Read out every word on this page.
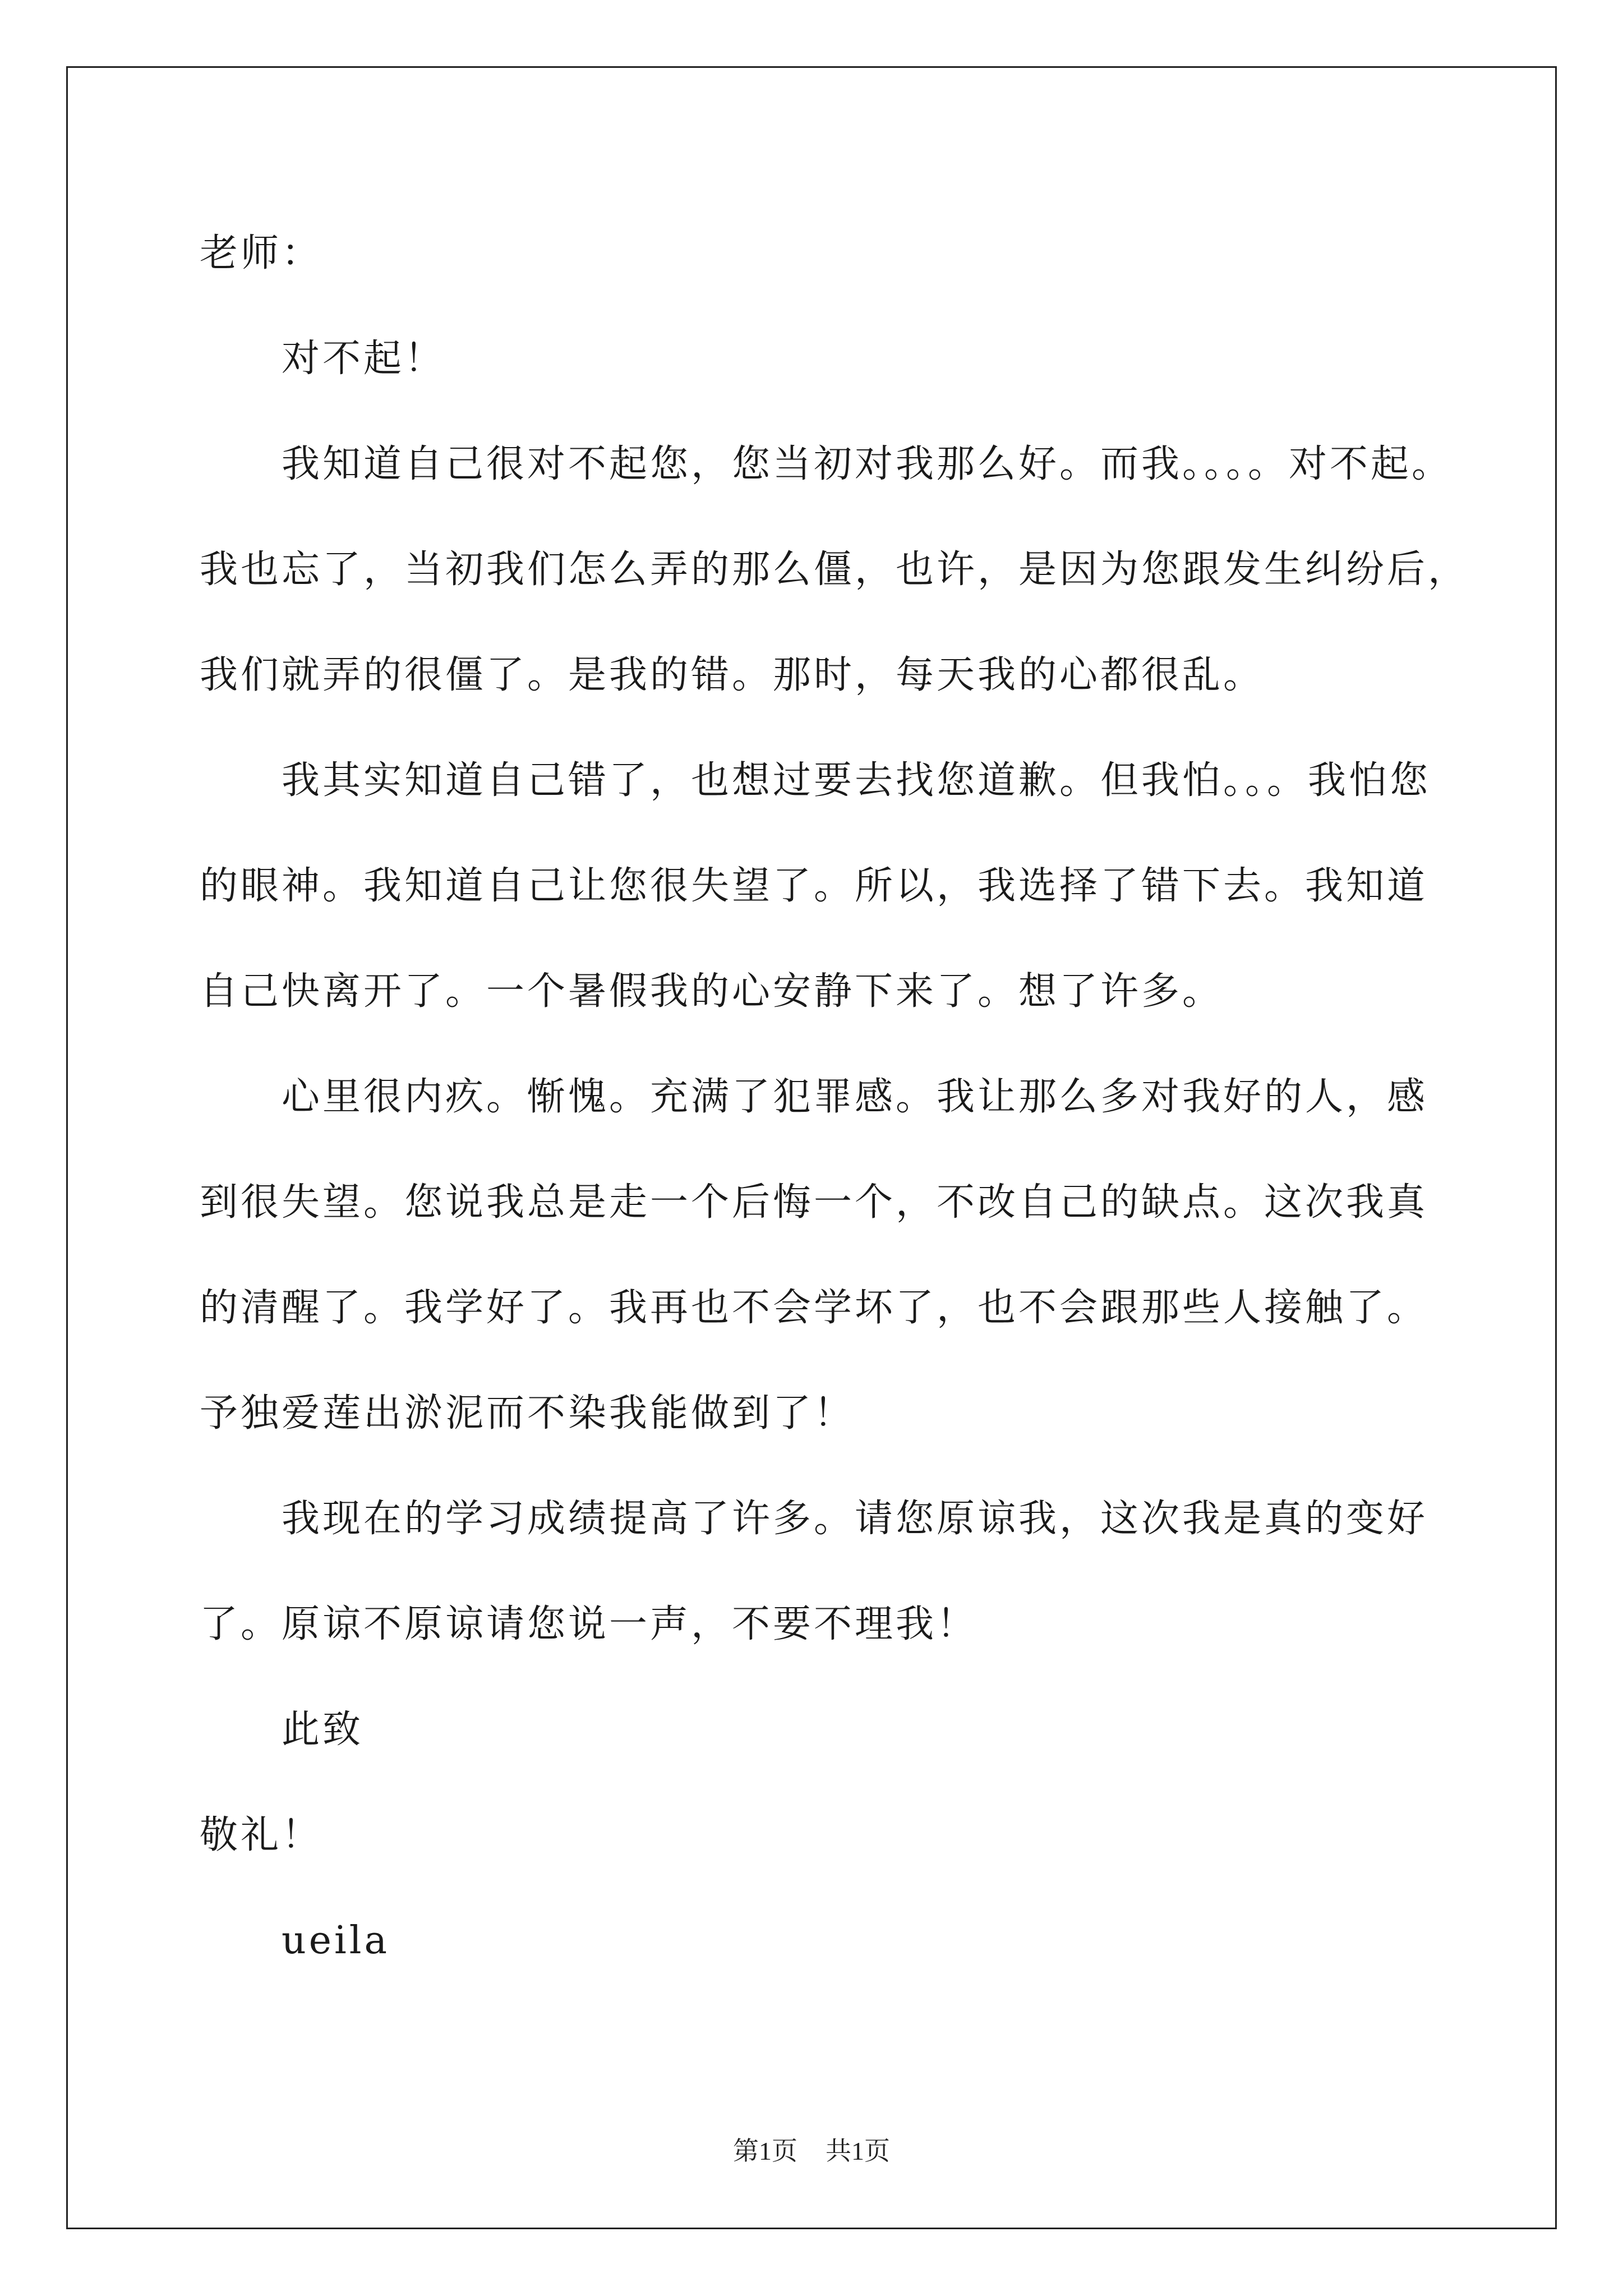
老师：
对不起！
我知道自己很对不起您，您当初对我那么好。而我。。。。对不起。
我也忘了，当初我们怎么弄的那么僵，也许，是因为您跟发生纠纷后，
我们就弄的很僵了。是我的错。那时，每天我的心都很乱。
我其实知道自己错了，也想过要去找您道歉。但我怕。。。我怕您
的眼神。我知道自己让您很失望了。所以，我选择了错下去。我知道
自己快离开了。一个暑假我的心安静下来了。想了许多。
心里很内疚。惭愧。充满了犯罪感。我让那么多对我好的人，感
到很失望。您说我总是走一个后悔一个，不改自己的缺点。这次我真
的清醒了。我学好了。我再也不会学坏了，也不会跟那些人接触了。
予独爱莲出淤泥而不染我能做到了！
我现在的学习成绩提高了许多。请您原谅我，这次我是真的变好
了。原谅不原谅请您说一声，不要不理我！
此致
敬礼！
ueila
第1页 共1页
